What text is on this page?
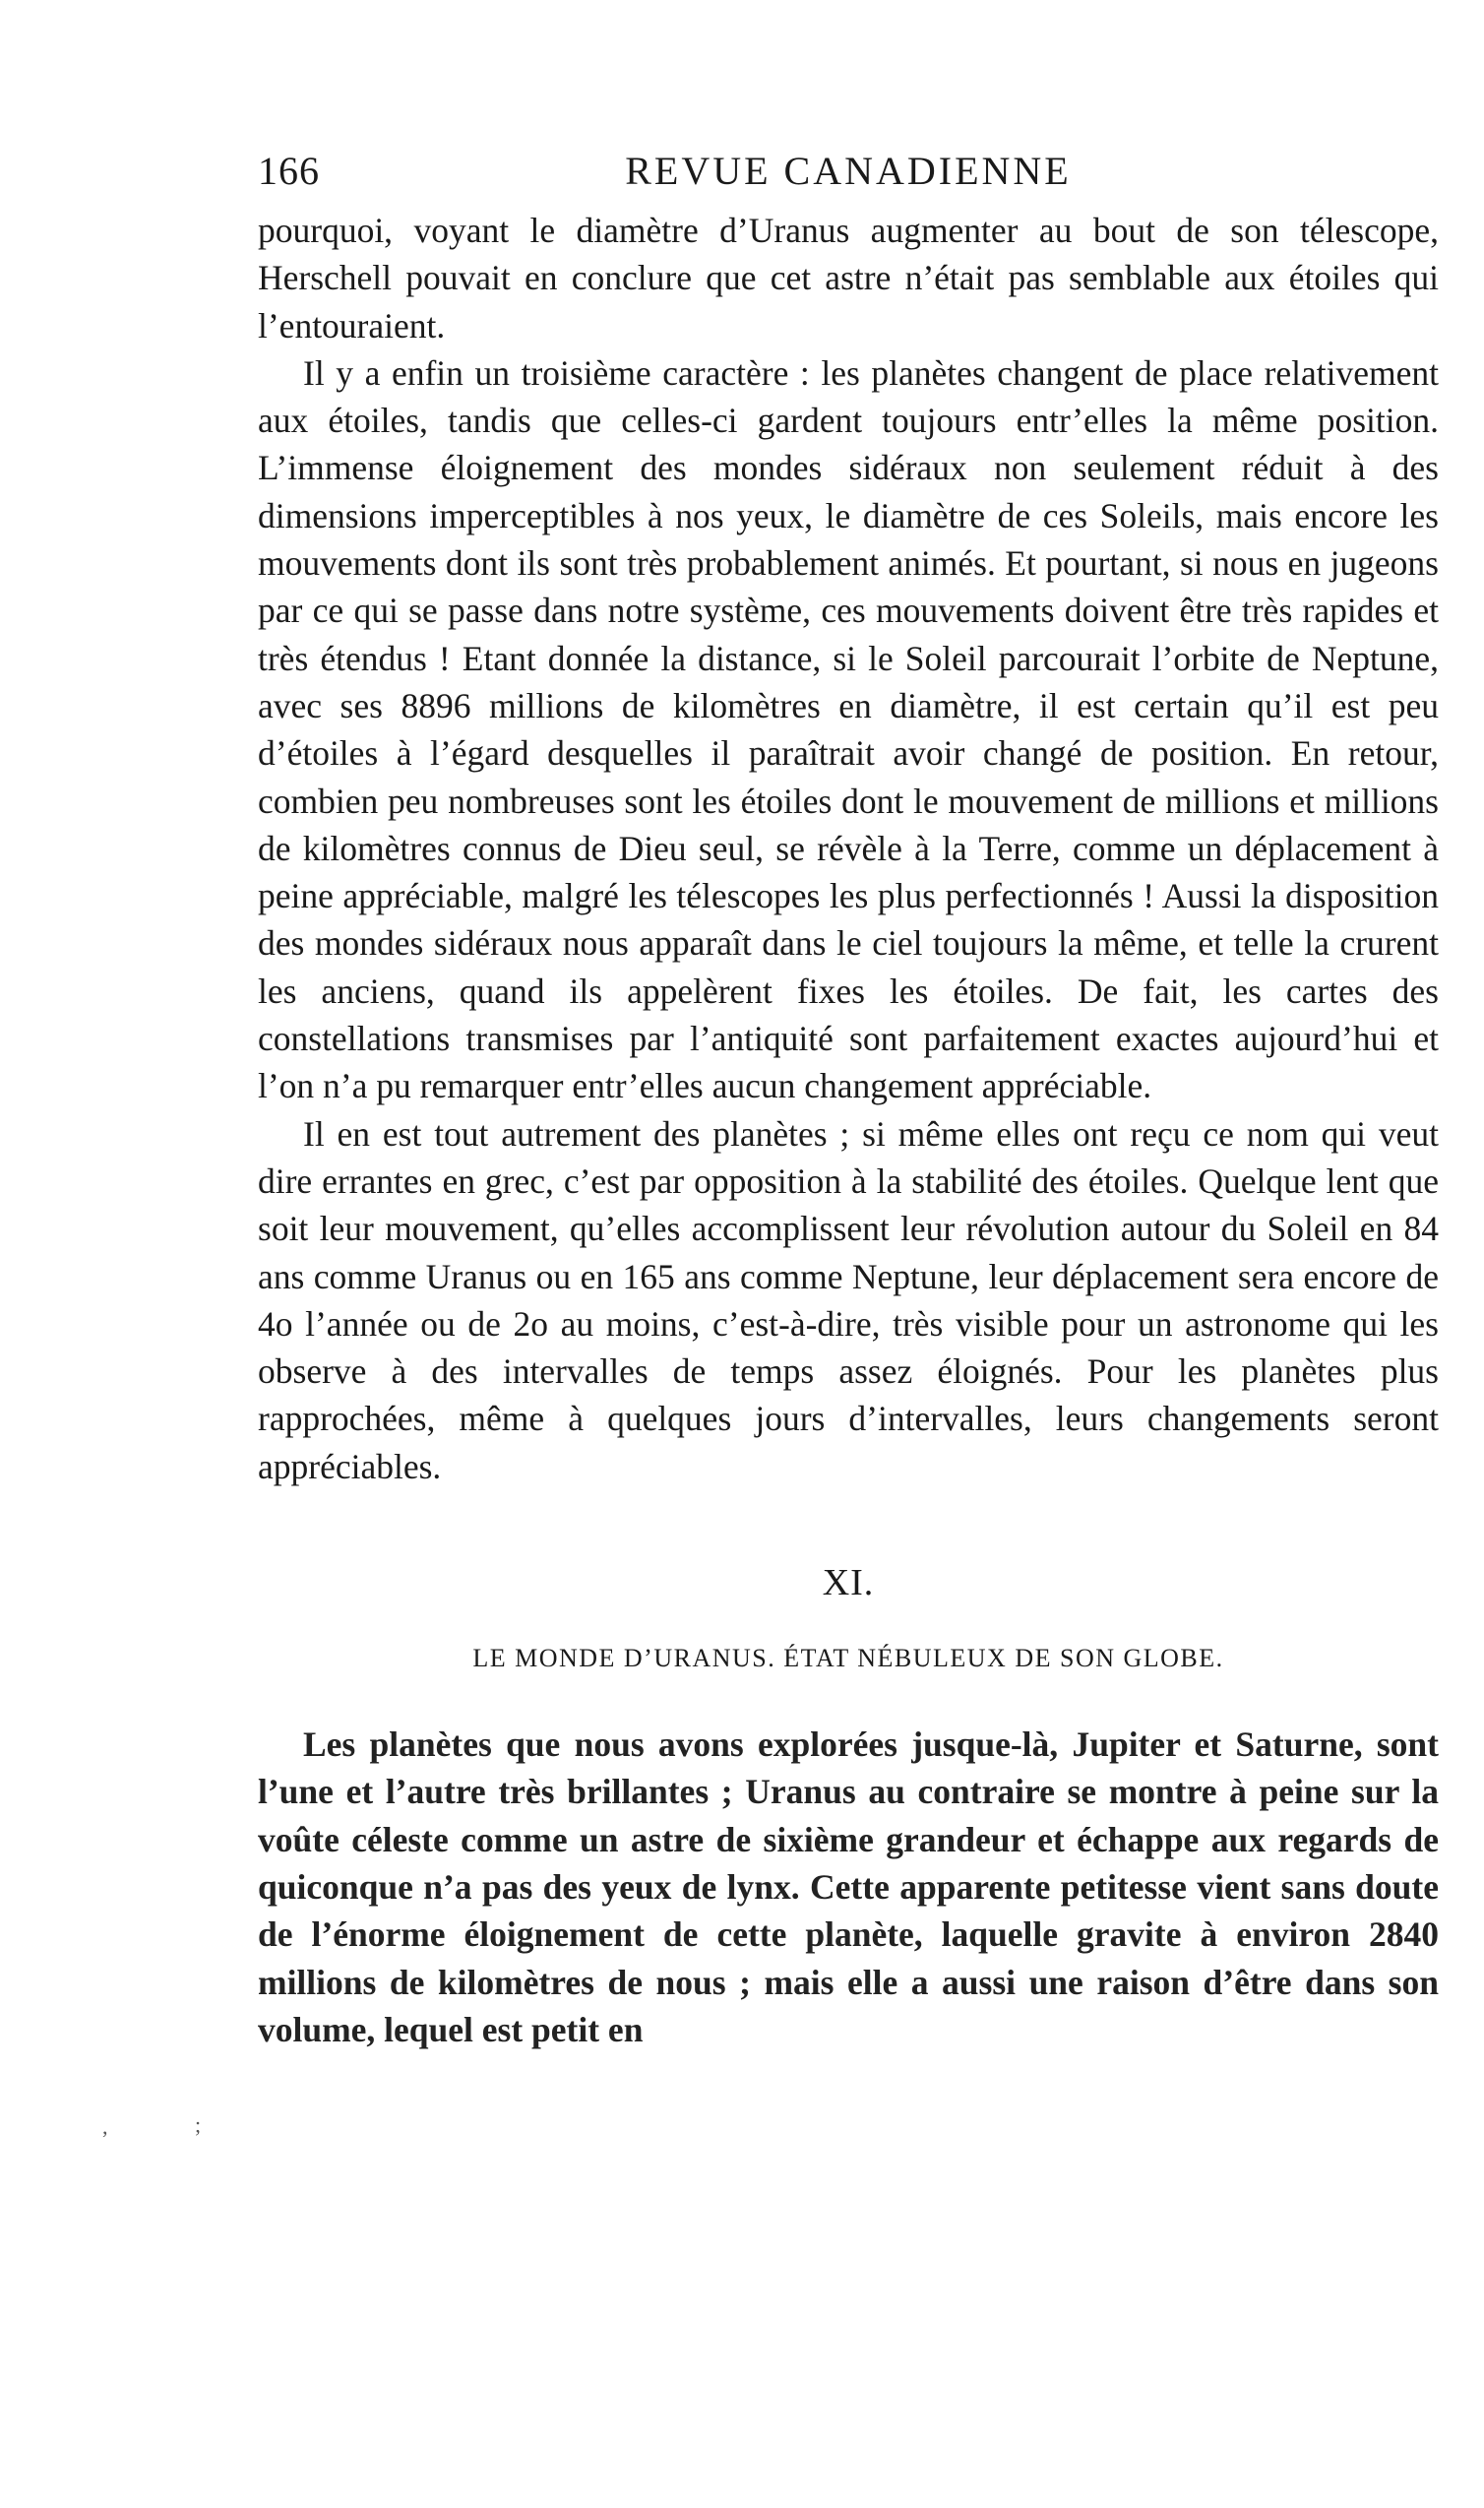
166	REVUE CANADIENNE

pourquoi, voyant le diamètre d’Uranus augmenter au bout de son télescope, Herschell pouvait en conclure que cet astre n’était pas semblable aux étoiles qui l’entouraient.

Il y a enfin un troisième caractère : les planètes changent de place relativement aux étoiles, tandis que celles-ci gardent toujours entr’elles la même position. L’immense éloignement des mondes sidéraux non seulement réduit à des dimensions imperceptibles à nos yeux, le diamètre de ces Soleils, mais encore les mouvements dont ils sont très probablement animés. Et pourtant, si nous en jugeons par ce qui se passe dans notre système, ces mouvements doivent être très rapides et très étendus ! Etant donnée la distance, si le Soleil parcourait l’orbite de Neptune, avec ses 8896 millions de kilomètres en diamètre, il est certain qu’il est peu d’étoiles à l’égard desquelles il paraîtrait avoir changé de position. En retour, combien peu nombreuses sont les étoiles dont le mouvement de millions et millions de kilomètres connus de Dieu seul, se révèle à la Terre, comme un déplacement à peine appréciable, malgré les télescopes les plus perfectionnés ! Aussi la disposition des mondes sidéraux nous apparaît dans le ciel toujours la même, et telle la crurent les anciens, quand ils appelèrent fixes les étoiles. De fait, les cartes des constellations transmises par l’antiquité sont parfaitement exactes aujourd’hui et l’on n’a pu remarquer entr’elles aucun changement appréciable.

Il en est tout autrement des planètes ; si même elles ont reçu ce nom qui veut dire errantes en grec, c’est par opposition à la stabilité des étoiles. Quelque lent que soit leur mouvement, qu’elles accomplissent leur révolution autour du Soleil en 84 ans comme Uranus ou en 165 ans comme Neptune, leur déplacement sera encore de 4o l’année ou de 2o au moins, c’est-à-dire, très visible pour un astronome qui les observe à des intervalles de temps assez éloignés. Pour les planètes plus rapprochées, même à quelques jours d’intervalles, leurs changements seront appréciables.

XI.
LE MONDE D’URANUS. ÉTAT NÉBULEUX DE SON GLOBE.

Les planètes que nous avons explorées jusque-là, Jupiter et Saturne, sont l’une et l’autre très brillantes ; Uranus au contraire se montre à peine sur la voûte céleste comme un astre de sixième grandeur et échappe aux regards de quiconque n’a pas des yeux de lynx. Cette apparente petitesse vient sans doute de l’énorme éloignement de cette planète, laquelle gravite à environ 2840 millions de kilomètres de nous ; mais elle a aussi une raison d’être dans son volume, lequel est petit en

,	;
